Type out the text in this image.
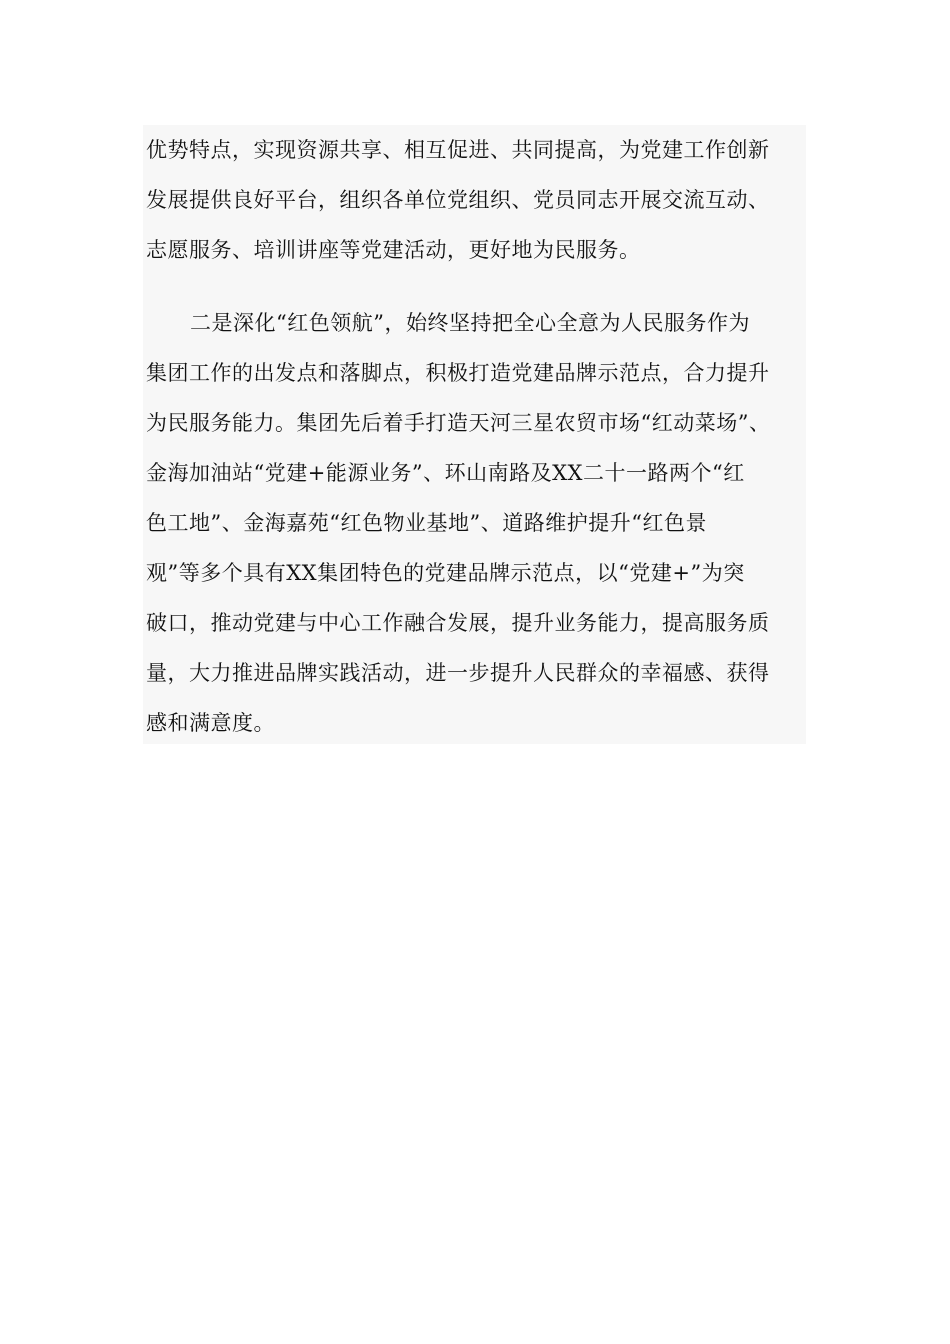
优势特点，实现资源共享、相互促进、共同提高，为党建工作创新
发展提供良好平台，组织各单位党组织、党员同志开展交流互动、
志愿服务、培训讲座等党建活动，更好地为民服务。
二是深化“红色领航”，始终坚持把全心全意为人民服务作为
集团工作的出发点和落脚点，积极打造党建品牌示范点，合力提升
为民服务能力。集团先后着手打造天河三星农贸市场“红动菜场”、
金海加油站“党建+能源业务”、环山南路及XX二十一路两个“红
色工地”、金海嘉苑“红色物业基地”、道路维护提升“红色景
观”等多个具有XX集团特色的党建品牌示范点，以“党建+”为突
破口，推动党建与中心工作融合发展，提升业务能力，提高服务质
量，大力推进品牌实践活动，进一步提升人民群众的幸福感、获得
感和满意度。
